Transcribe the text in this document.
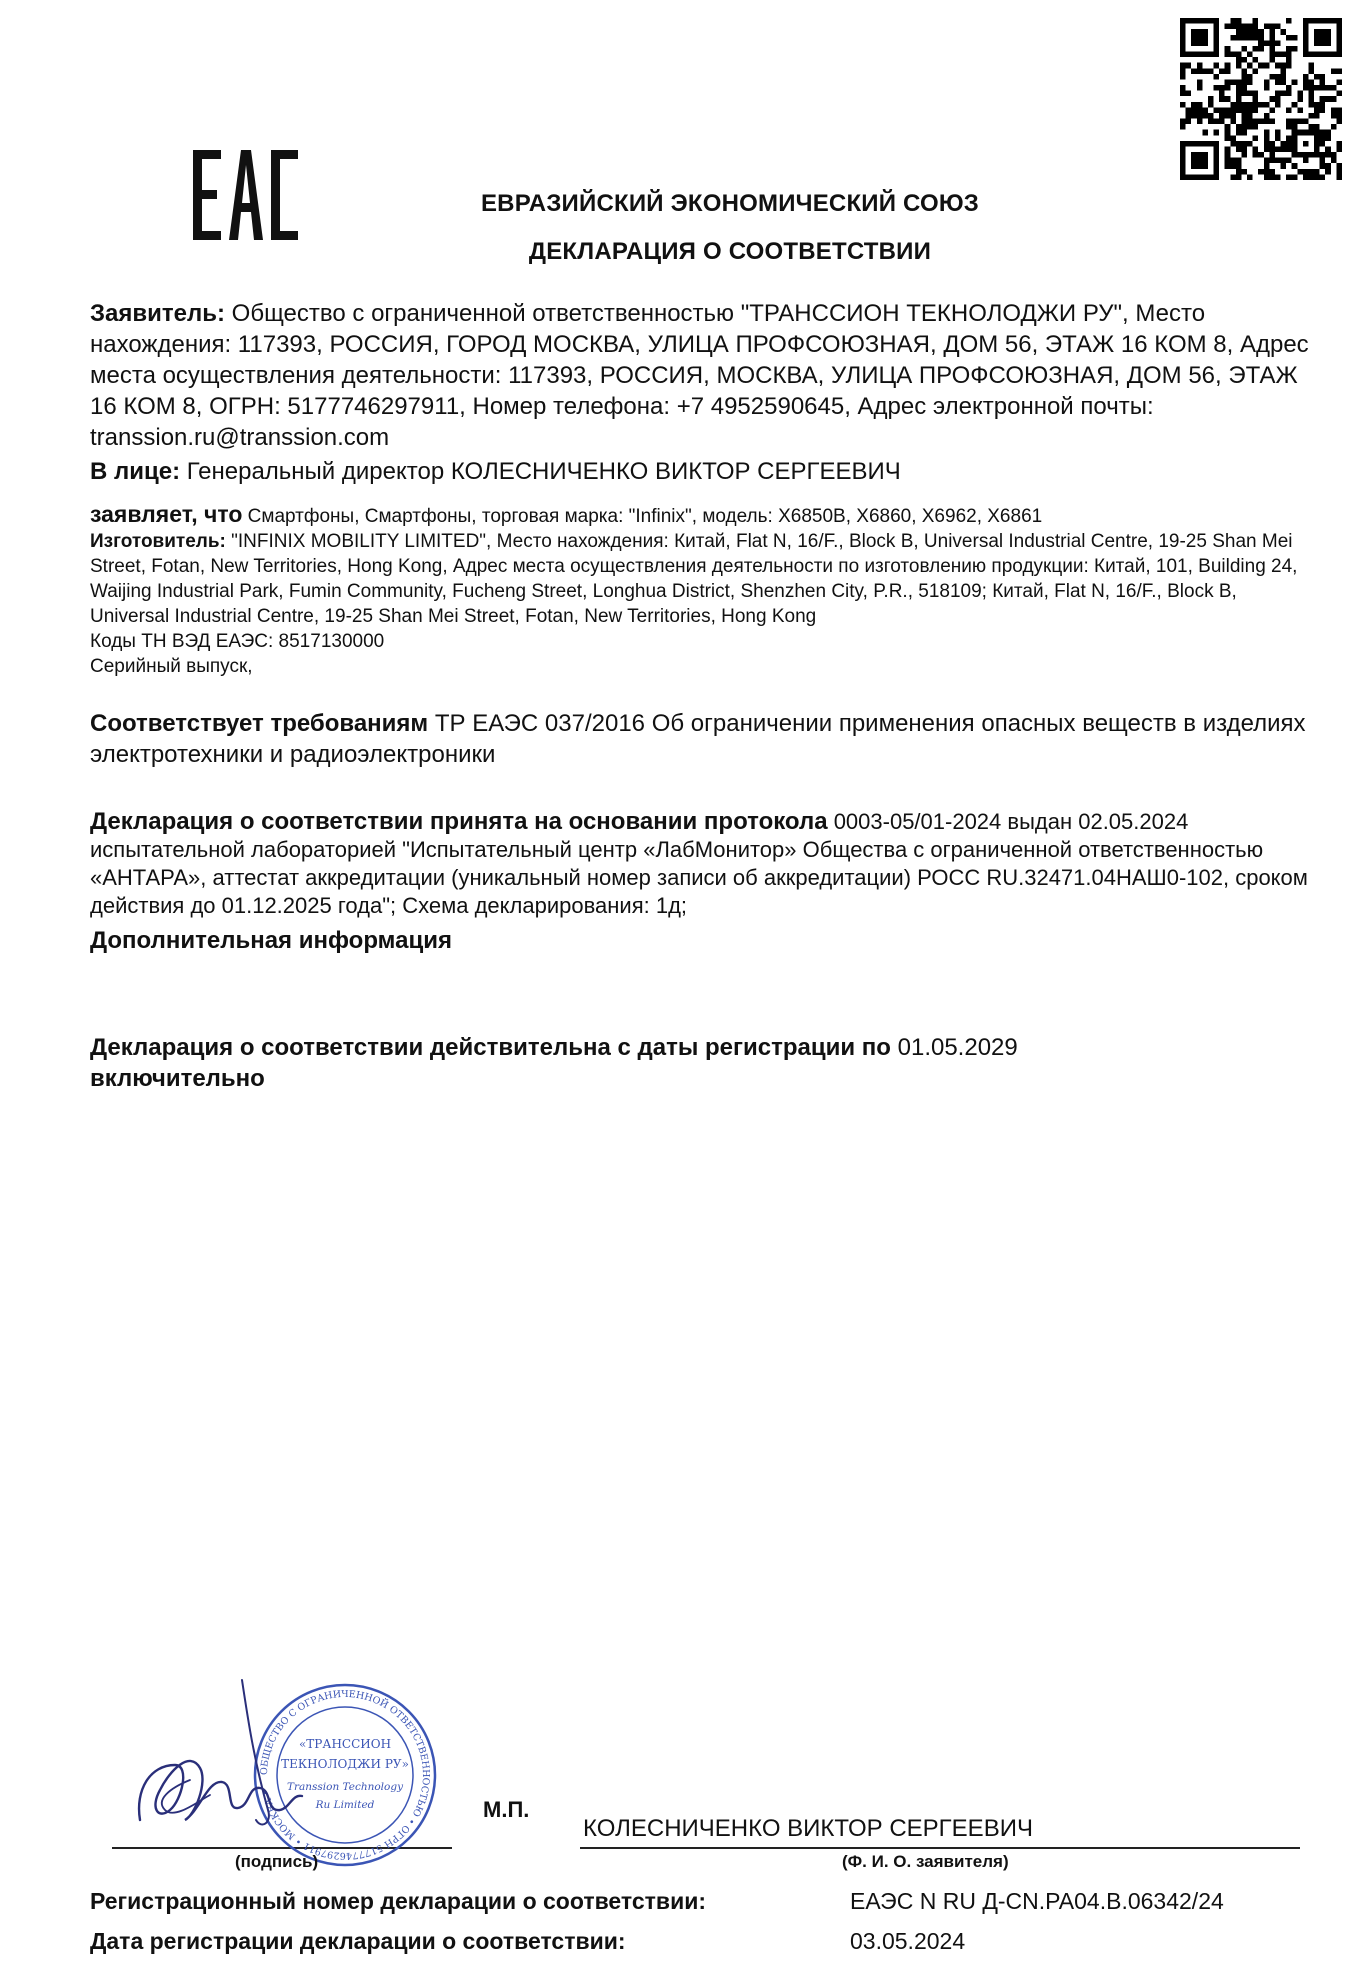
ЕВРАЗИЙСКИЙ ЭКОНОМИЧЕСКИЙ СОЮЗ
ДЕКЛАРАЦИЯ О СООТВЕТСТВИИ
Заявитель: Общество с ограниченной ответственностью "ТРАНССИОН ТЕКНОЛОДЖИ РУ", Место нахождения: 117393, РОССИЯ, ГОРОД МОСКВА, УЛИЦА ПРОФСОЮЗНАЯ, ДОМ 56, ЭТАЖ 16 КОМ 8, Адрес места осуществления деятельности: 117393, РОССИЯ, МОСКВА, УЛИЦА ПРОФСОЮЗНАЯ, ДОМ 56, ЭТАЖ 16 КОМ 8, ОГРН: 5177746297911, Номер телефона: +7 4952590645, Адрес электронной почты: transsion.ru@transsion.com
В лице: Генеральный директор КОЛЕСНИЧЕНКО ВИКТОР СЕРГЕЕВИЧ
заявляет, что Смартфоны, Смартфоны, торговая марка: "Infinix", модель: X6850B, X6860, X6962, X6861
Изготовитель: "INFINIX MOBILITY LIMITED", Место нахождения: Китай, Flat N, 16/F., Block B, Universal Industrial Centre, 19-25 Shan Mei Street, Fotan, New Territories, Hong Kong, Адрес места осуществления деятельности по изготовлению продукции: Китай, 101, Building 24, Waijing Industrial Park, Fumin Community, Fucheng Street, Longhua District, Shenzhen City, P.R., 518109; Китай, Flat N, 16/F., Block B, Universal Industrial Centre, 19-25 Shan Mei Street, Fotan, New Territories, Hong Kong
Коды ТН ВЭД ЕАЭС: 8517130000
Серийный выпуск,
Соответствует требованиям ТР ЕАЭС 037/2016 Об ограничении применения опасных веществ в изделиях электротехники и радиоэлектроники
Декларация о соответствии принята на основании протокола 0003-05/01-2024 выдан 02.05.2024 испытательной лабораторией "Испытательный центр «ЛабМонитор» Общества с ограниченной ответственностью «АНТАРА», аттестат аккредитации (уникальный номер записи об аккредитации) РОСС RU.32471.04НАШ0-102, сроком действия до 01.12.2025 года"; Схема декларирования: 1д;
Дополнительная информация
Декларация о соответствии действительна с даты регистрации по 01.05.2029
включительно
ОБЩЕСТВО С ОГРАНИЧЕННОЙ ОТВЕТСТВЕННОСТЬЮ • ОГРН 5177746297911 • МОСКВА •
«ТРАНССИОН
ТЕКНОЛОДЖИ РУ»
Transsion Technology
Ru Limited	М.П.
КОЛЕСНИЧЕНКО ВИКТОР СЕРГЕЕВИЧ
(подпись)	(Ф. И. О. заявителя)
Регистрационный номер декларации о соответствии:	ЕАЭС N RU Д-CN.PA04.B.06342/24
Дата регистрации декларации о соответствии:	03.05.2024
